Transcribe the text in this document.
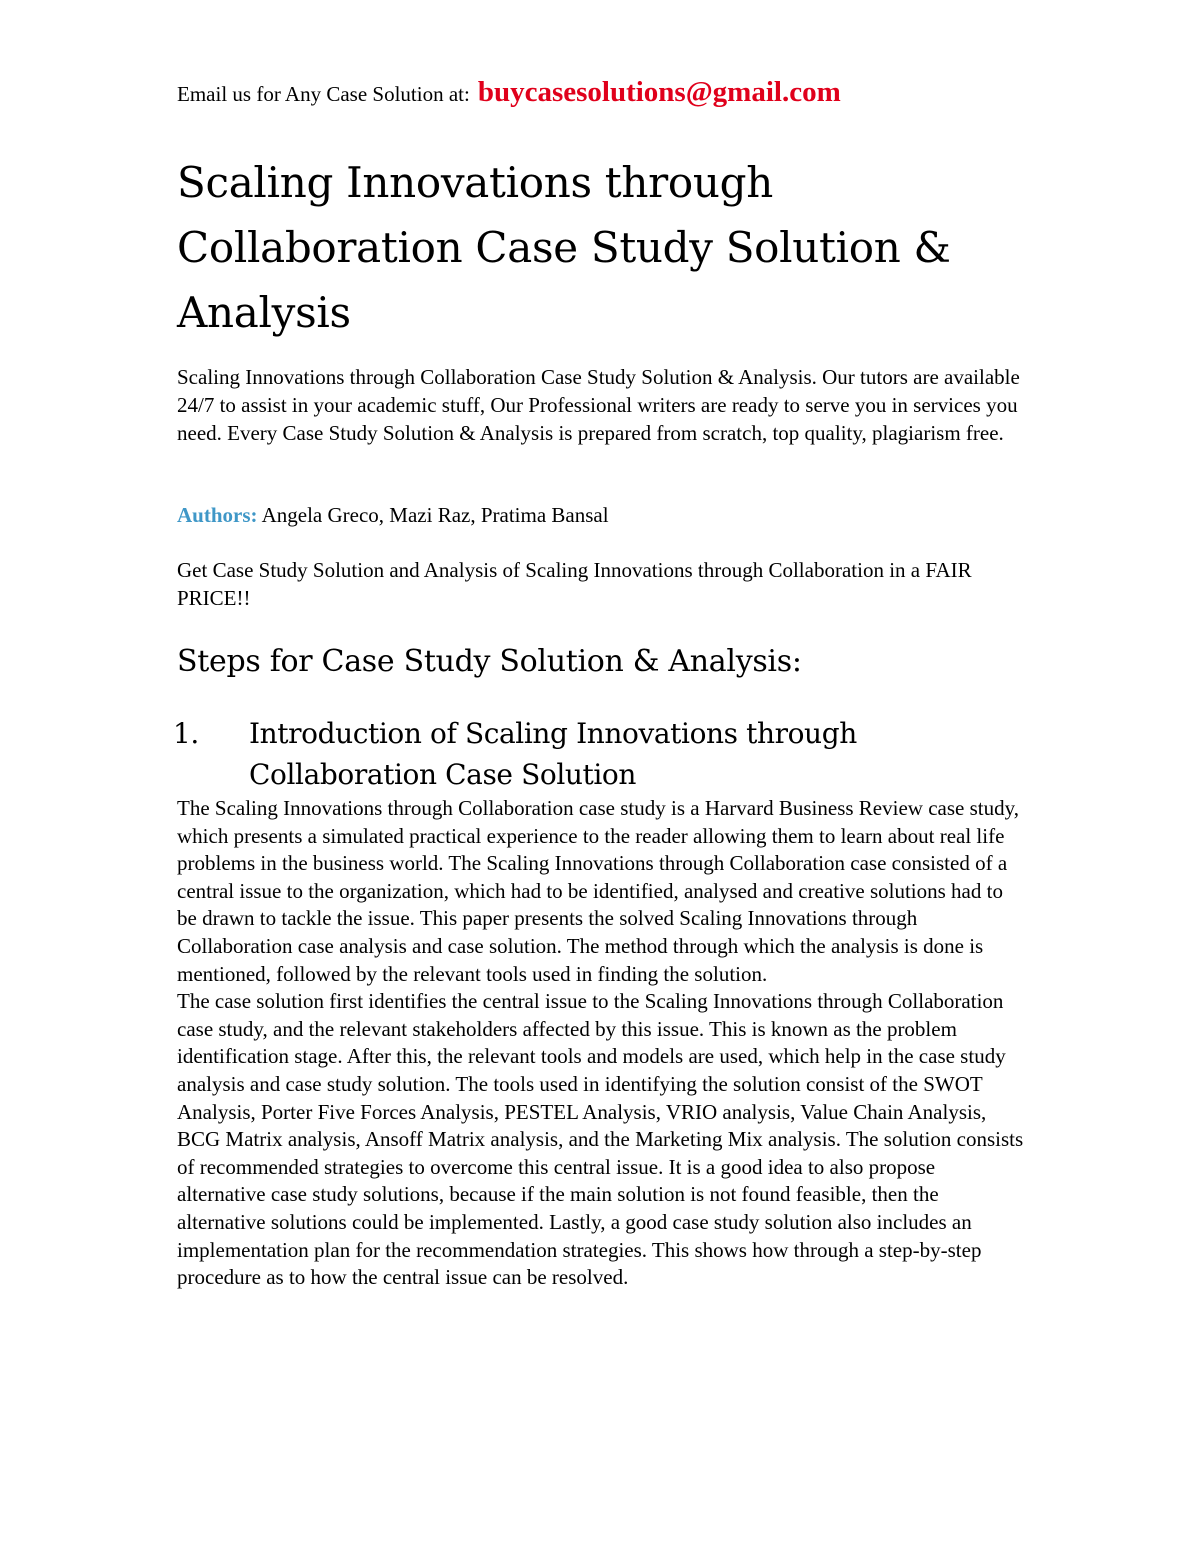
Email us for Any Case Solution at: buycasesolutions@gmail.com
Scaling Innovations through Collaboration Case Study Solution & Analysis

Scaling Innovations through Collaboration Case Study Solution & Analysis. Our tutors are available 24/7 to assist in your academic stuff, Our Professional writers are ready to serve you in services you need. Every Case Study Solution & Analysis is prepared from scratch, top quality, plagiarism free.

Authors: Angela Greco, Mazi Raz, Pratima Bansal

Get Case Study Solution and Analysis of Scaling Innovations through Collaboration in a FAIR PRICE!!

Steps for Case Study Solution & Analysis:
1. Introduction of Scaling Innovations through Collaboration Case Solution

The Scaling Innovations through Collaboration case study is a Harvard Business Review case study, which presents a simulated practical experience to the reader allowing them to learn about real life problems in the business world. The Scaling Innovations through Collaboration case consisted of a central issue to the organization, which had to be identified, analysed and creative solutions had to be drawn to tackle the issue. This paper presents the solved Scaling Innovations through Collaboration case analysis and case solution. The method through which the analysis is done is mentioned, followed by the relevant tools used in finding the solution.

The case solution first identifies the central issue to the Scaling Innovations through Collaboration case study, and the relevant stakeholders affected by this issue. This is known as the problem identification stage. After this, the relevant tools and models are used, which help in the case study analysis and case study solution. The tools used in identifying the solution consist of the SWOT Analysis, Porter Five Forces Analysis, PESTEL Analysis, VRIO analysis, Value Chain Analysis, BCG Matrix analysis, Ansoff Matrix analysis, and the Marketing Mix analysis. The solution consists of recommended strategies to overcome this central issue. It is a good idea to also propose alternative case study solutions, because if the main solution is not found feasible, then the alternative solutions could be implemented. Lastly, a good case study solution also includes an implementation plan for the recommendation strategies. This shows how through a step-by-step procedure as to how the central issue can be resolved.
